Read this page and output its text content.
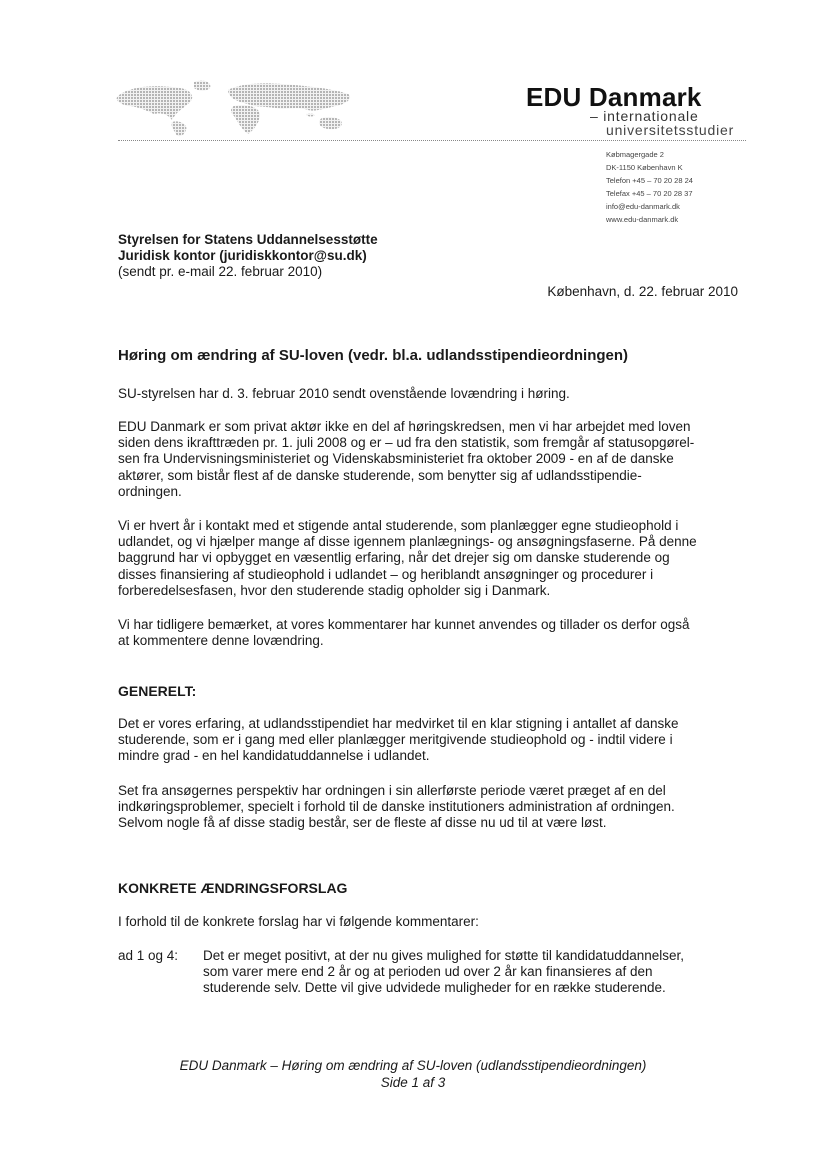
EDU Danmark
– internationale
universitetsstudier
Købmagergade 2
DK-1150 København K
Telefon +45 – 70 20 28 24
Telefax +45 – 70 20 28 37
info@edu-danmark.dk
www.edu-danmark.dk
Styrelsen for Statens Uddannelsesstøtte
Juridisk kontor (juridiskkontor@su.dk)
(sendt pr. e-mail 22. februar 2010)
København, d. 22. februar 2010
Høring om ændring af SU-loven (vedr. bl.a. udlandsstipendieordningen)
SU-styrelsen har d. 3. februar 2010 sendt ovenstående lovændring i høring.
EDU Danmark er som privat aktør ikke en del af høringskredsen, men vi har arbejdet med loven
siden dens ikrafttræden pr. 1. juli 2008 og er – ud fra den statistik, som fremgår af statusopgørel-
sen fra Undervisningsministeriet og Videnskabsministeriet fra oktober 2009 - en af de danske
aktører, som bistår flest af de danske studerende, som benytter sig af udlandsstipendie-
ordningen.
Vi er hvert år i kontakt med et stigende antal studerende, som planlægger egne studieophold i
udlandet, og vi hjælper mange af disse igennem planlægnings- og ansøgningsfaserne. På denne
baggrund har vi opbygget en væsentlig erfaring, når det drejer sig om danske studerende og
disses finansiering af studieophold i udlandet – og heriblandt ansøgninger og procedurer i
forberedelsesfasen, hvor den studerende stadig opholder sig i Danmark.
Vi har tidligere bemærket, at vores kommentarer har kunnet anvendes og tillader os derfor også
at kommentere denne lovændring.
GENERELT:
Det er vores erfaring, at udlandsstipendiet har medvirket til en klar stigning i antallet af danske
studerende, som er i gang med eller planlægger meritgivende studieophold og - indtil videre i
mindre grad - en hel kandidatuddannelse i udlandet.
Set fra ansøgernes perspektiv har ordningen i sin allerførste periode været præget af en del
indkøringsproblemer, specielt i forhold til de danske institutioners administration af ordningen.
Selvom nogle få af disse stadig består, ser de fleste af disse nu ud til at være løst.
KONKRETE ÆNDRINGSFORSLAG
I forhold til de konkrete forslag har vi følgende kommentarer:
ad 1 og 4: Det er meget positivt, at der nu gives mulighed for støtte til kandidatuddannelser,
som varer mere end 2 år og at perioden ud over 2 år kan finansieres af den
studerende selv. Dette vil give udvidede muligheder for en række studerende.
EDU Danmark – Høring om ændring af SU-loven (udlandsstipendieordningen)
Side 1 af 3
